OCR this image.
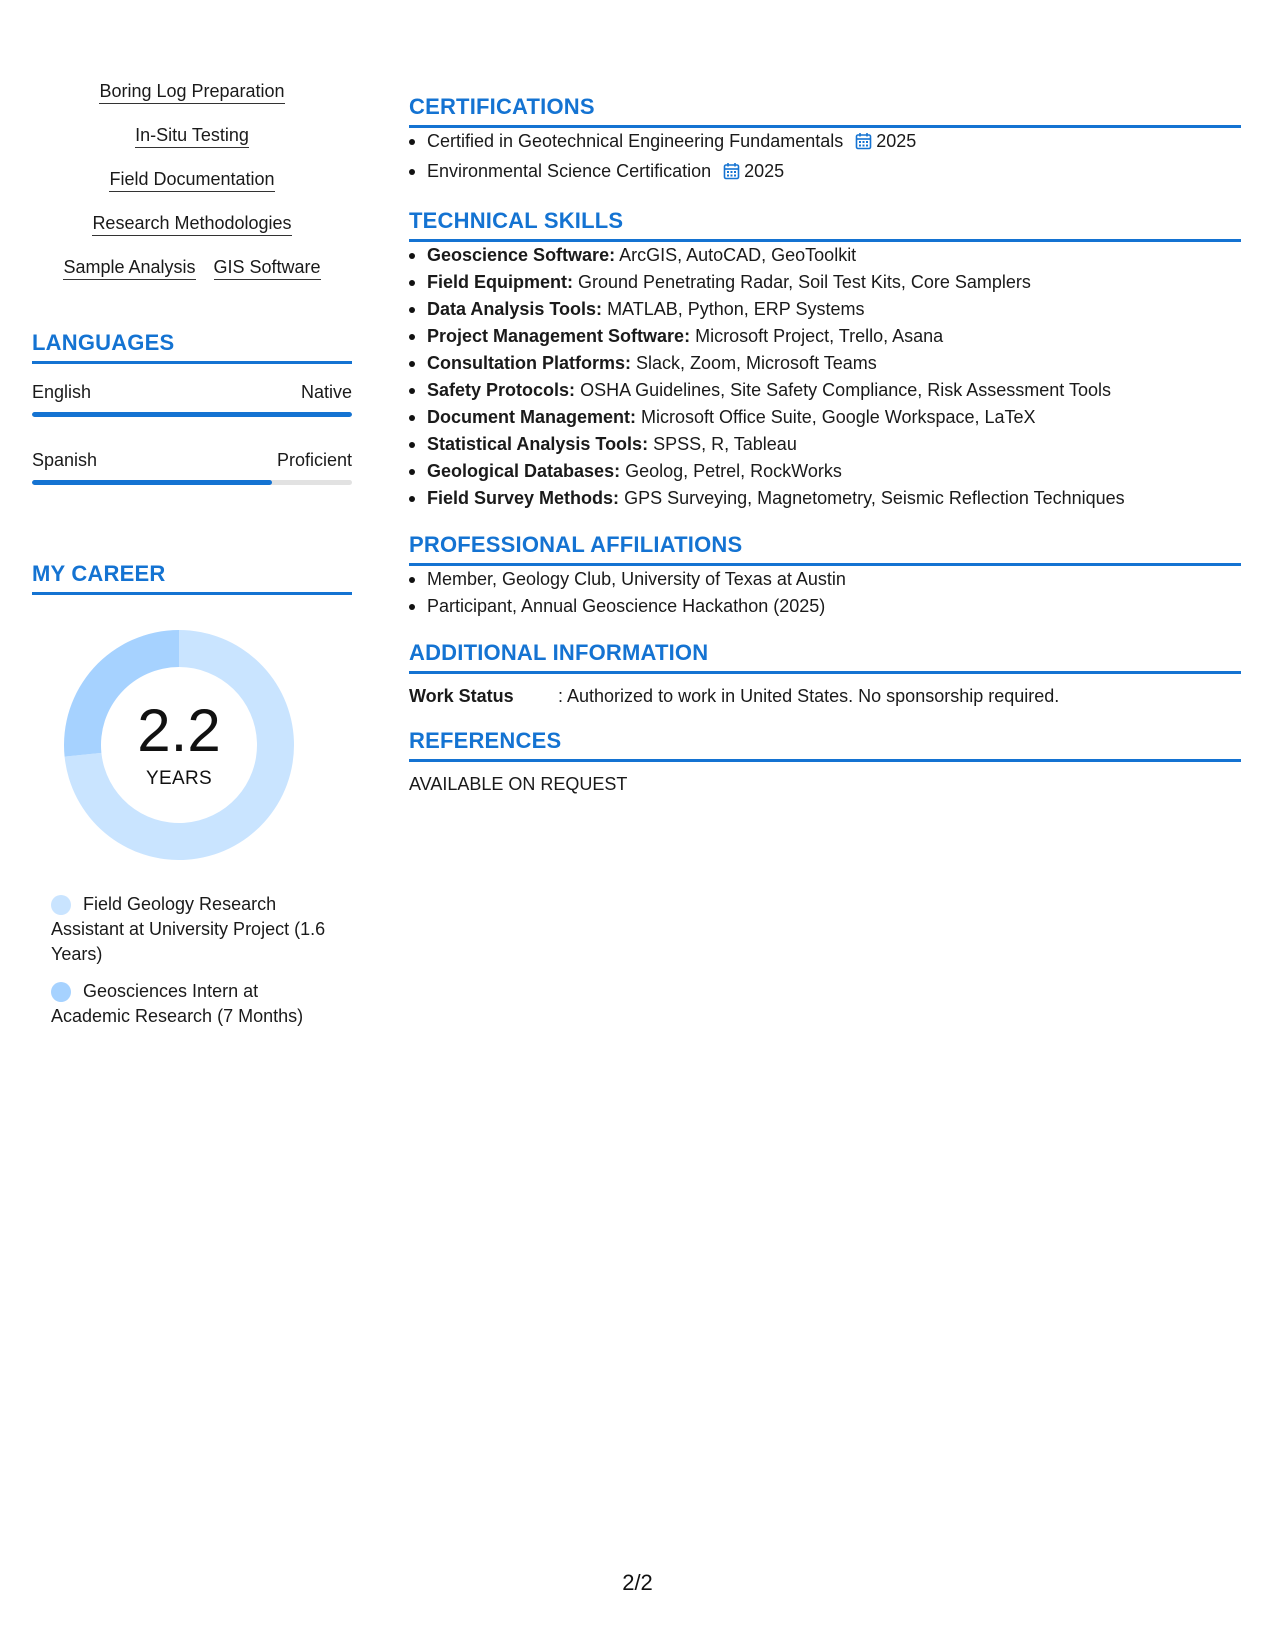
Boring Log Preparation
In-Situ Testing
Field Documentation
Research Methodologies
Sample Analysis GIS Software
LANGUAGES
English	Native
Spanish	Proficient
MY CAREER
2.2
YEARS
Field Geology Research Assistant at University Project (1.6 Years)
Geosciences Intern at Academic Research (7 Months)
CERTIFICATIONS
Certified in Geotechnical Engineering Fundamentals 2025
Environmental Science Certification 2025
TECHNICAL SKILLS
Geoscience Software: ArcGIS, AutoCAD, GeoToolkit
Field Equipment: Ground Penetrating Radar, Soil Test Kits, Core Samplers
Data Analysis Tools: MATLAB, Python, ERP Systems
Project Management Software: Microsoft Project, Trello, Asana
Consultation Platforms: Slack, Zoom, Microsoft Teams
Safety Protocols: OSHA Guidelines, Site Safety Compliance, Risk Assessment Tools
Document Management: Microsoft Office Suite, Google Workspace, LaTeX
Statistical Analysis Tools: SPSS, R, Tableau
Geological Databases: Geolog, Petrel, RockWorks
Field Survey Methods: GPS Surveying, Magnetometry, Seismic Reflection Techniques
PROFESSIONAL AFFILIATIONS
Member, Geology Club, University of Texas at Austin
Participant, Annual Geoscience Hackathon (2025)
ADDITIONAL INFORMATION
Work Status	: Authorized to work in United States. No sponsorship required.
REFERENCES
AVAILABLE ON REQUEST
2/2
